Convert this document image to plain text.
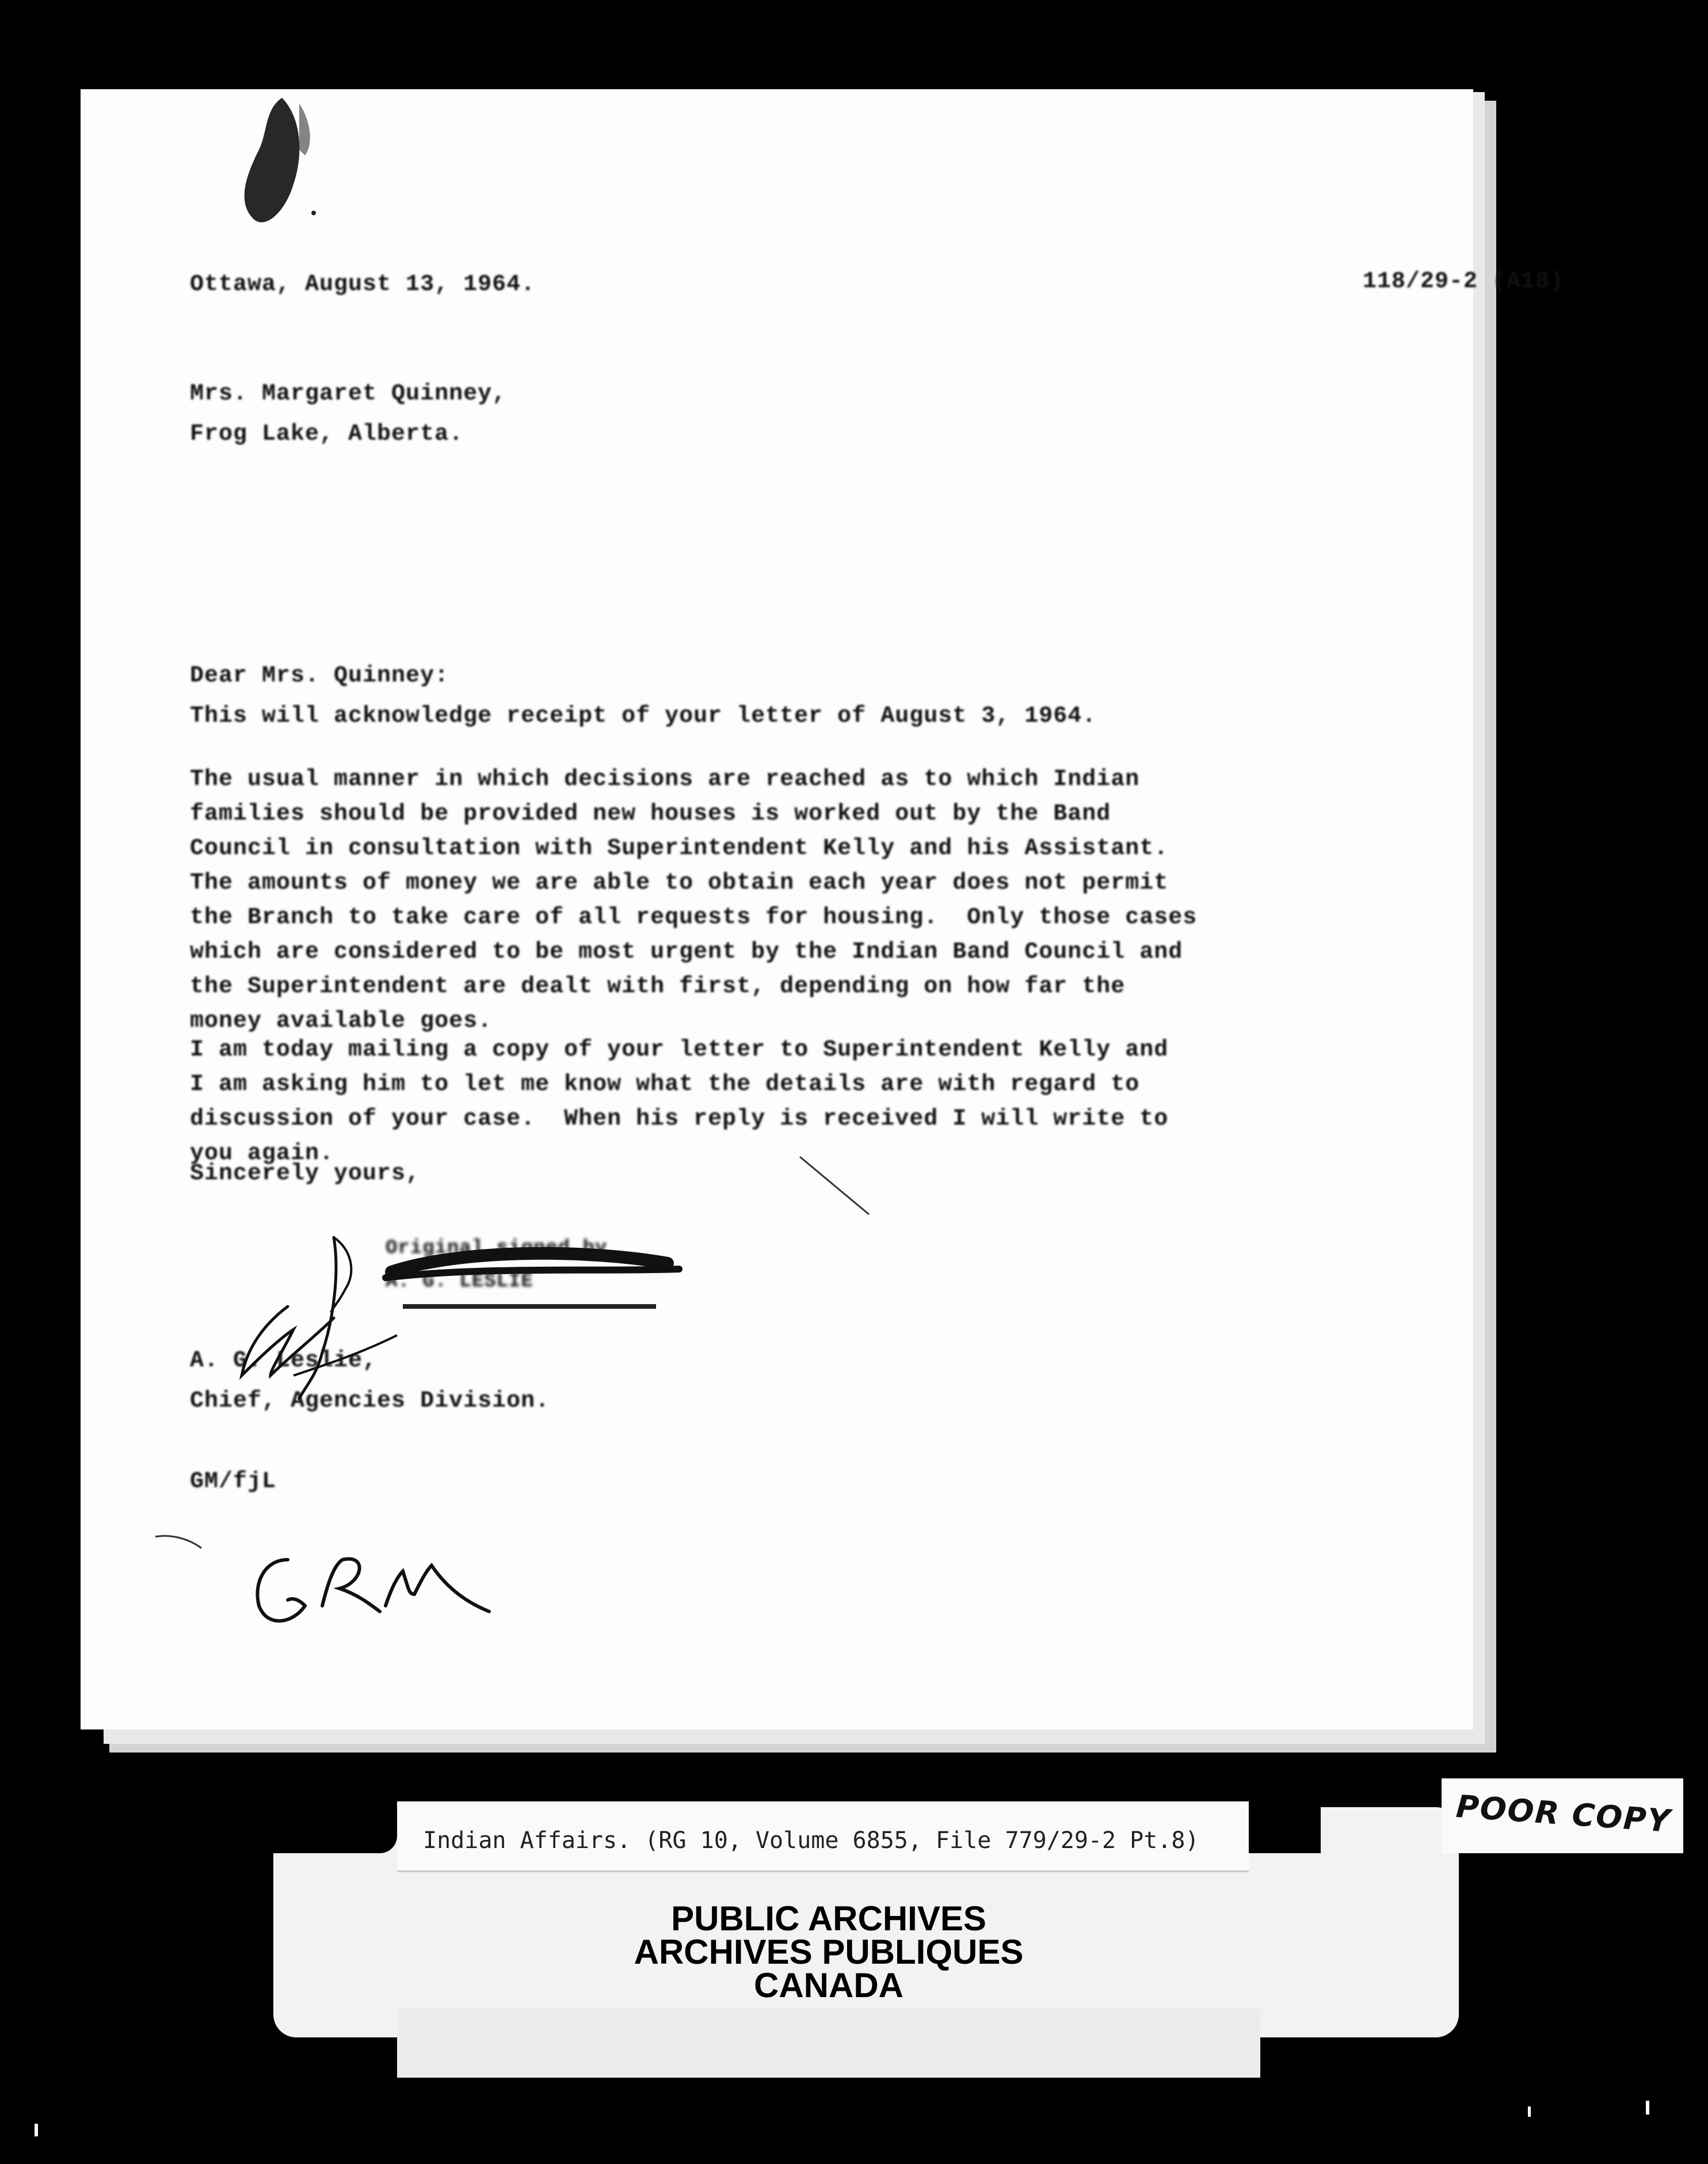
Ottawa, August 13, 1964.	118/29-2 (A18)

Mrs. Margaret Quinney,
Frog Lake, Alberta.

Dear Mrs. Quinney:

This will acknowledge receipt of your letter of August 3, 1964.

The usual manner in which decisions are reached as to which Indian
families should be provided new houses is worked out by the Band
Council in consultation with Superintendent Kelly and his Assistant.
The amounts of money we are able to obtain each year does not permit
the Branch to take care of all requests for housing.  Only those cases
which are considered to be most urgent by the Indian Band Council and
the Superintendent are dealt with first, depending on how far the
money available goes.

I am today mailing a copy of your letter to Superintendent Kelly and
I am asking him to let me know what the details are with regard to
discussion of your case.  When his reply is received I will write to
you again.

Sincerely yours,

Original signed by
A. G. LESLIE
A. G. Leslie,
Chief, Agencies Division.

GM/fjL

Indian Affairs. (RG 10, Volume 6855, File 779/29-2 Pt.8)

PUBLIC ARCHIVES
ARCHIVES PUBLIQUES
CANADA

POOR COPY
